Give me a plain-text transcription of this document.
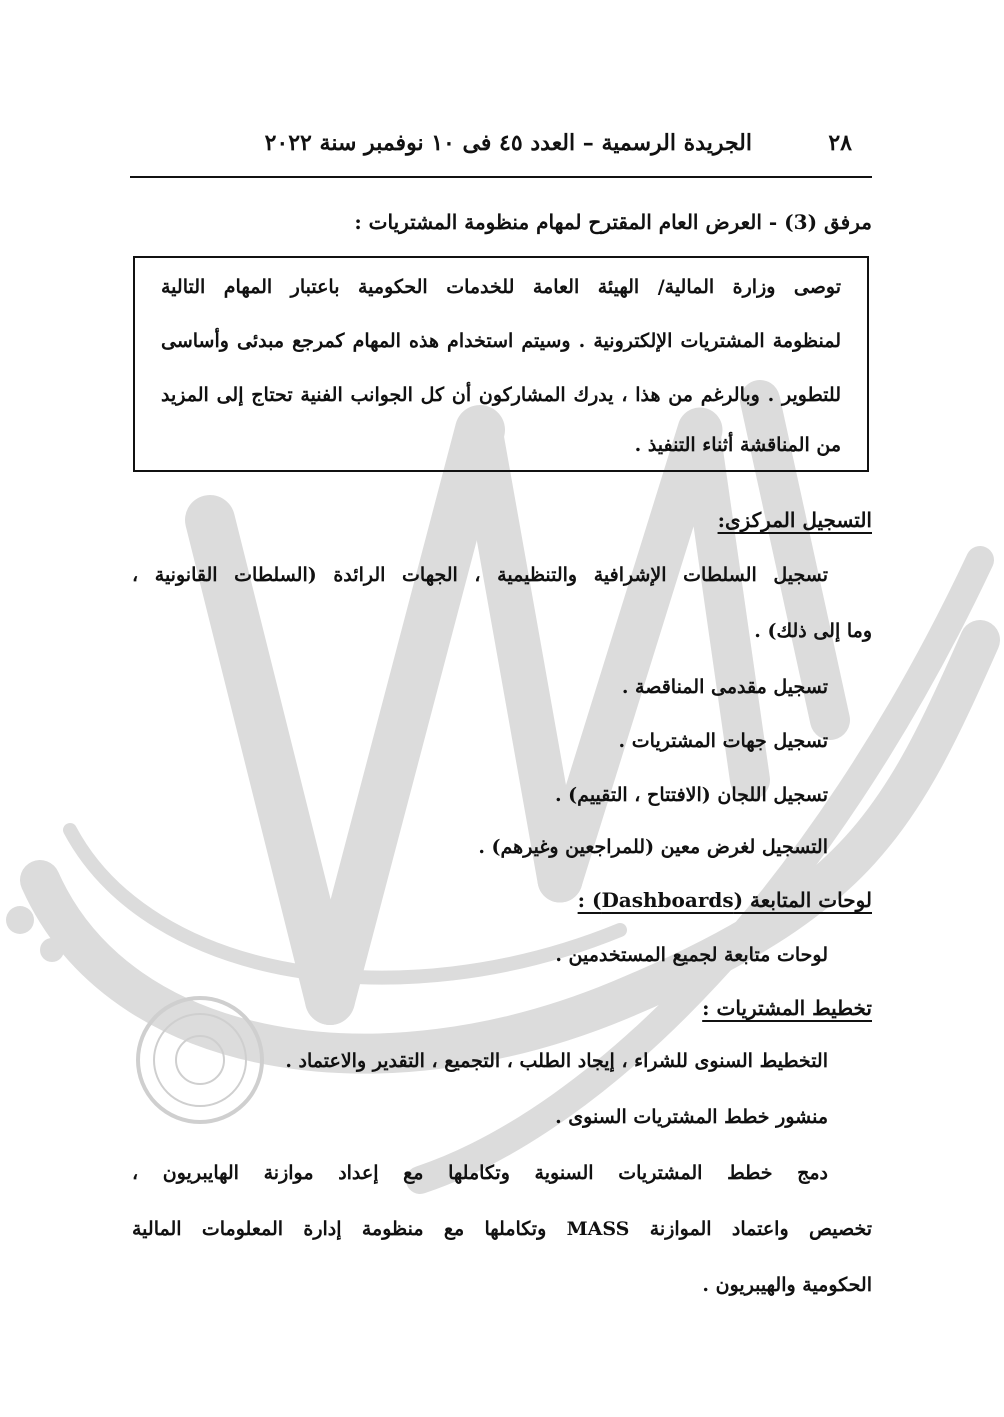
٢٨
الجريدة الرسمية – العدد ٤٥ فى ١٠ نوفمبر سنة ٢٠٢٢
مرفق (3) - العرض العام المقترح لمهام منظومة المشتريات :
توصى وزارة المالية/ الهيئة العامة للخدمات الحكومية باعتبار المهام التالية
لمنظومة المشتريات الإلكترونية . وسيتم استخدام هذه المهام كمرجع مبدئى وأساسى
للتطوير . وبالرغم من هذا ، يدرك المشاركون أن كل الجوانب الفنية تحتاج إلى المزيد
من المناقشة أثناء التنفيذ .
التسجيل المركزى:
تسجيل السلطات الإشرافية والتنظيمية ، الجهات الرائدة (السلطات القانونية ،
وما إلى ذلك) .
تسجيل مقدمى المناقصة .
تسجيل جهات المشتريات .
تسجيل اللجان (الافتتاح ، التقييم) .
التسجيل لغرض معين (للمراجعين وغيرهم) .
لوحات المتابعة (Dashboards) :
لوحات متابعة لجميع المستخدمين .
تخطيط المشتريات :
التخطيط السنوى للشراء ، إيجاد الطلب ، التجميع ، التقدير والاعتماد .
منشور خطط المشتريات السنوى .
دمج خطط المشتريات السنوية وتكاملها مع إعداد موازنة الهايبريون ،
تخصيص واعتماد الموازنة MASS وتكاملها مع منظومة إدارة المعلومات المالية
الحكومية والهيبريون .
